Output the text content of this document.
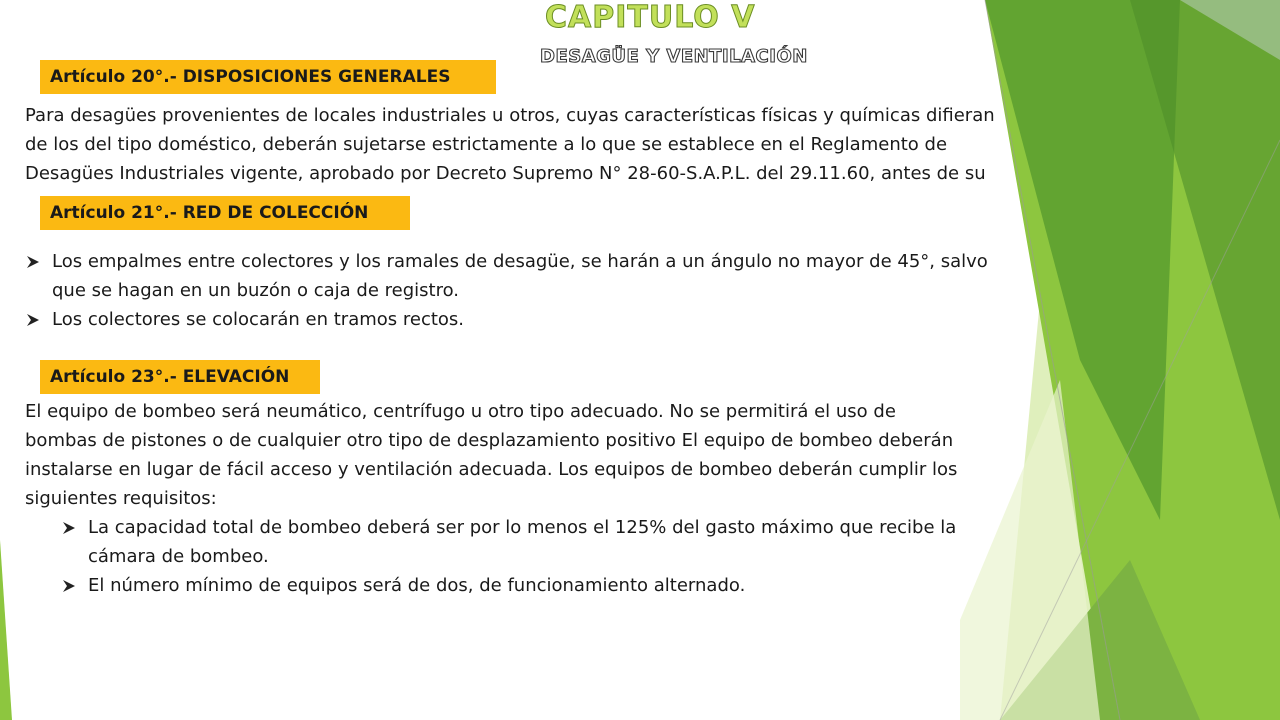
CAPITULO V
DESAGÜE Y VENTILACIÓN
Artículo 20°.- DISPOSICIONES GENERALES
Para desagües provenientes de locales industriales u otros, cuyas características físicas y químicas difieran
de los del tipo doméstico, deberán sujetarse estrictamente a lo que se establece en el Reglamento de
Desagües Industriales vigente, aprobado por Decreto Supremo N° 28-60-S.A.P.L. del 29.11.60, antes de su
Artículo 21°.- RED DE COLECCIÓN
Los empalmes entre colectores y los ramales de desagüe, se harán a un ángulo no mayor de 45°, salvo
que se hagan en un buzón o caja de registro.
Los colectores se colocarán en tramos rectos.
Artículo 23°.- ELEVACIÓN
El equipo de bombeo será neumático, centrífugo u otro tipo adecuado. No se permitirá el uso de
bombas de pistones o de cualquier otro tipo de desplazamiento positivo El equipo de bombeo deberán
instalarse en lugar de fácil acceso y ventilación adecuada. Los equipos de bombeo deberán cumplir los
siguientes requisitos:
La capacidad total de bombeo deberá ser por lo menos el 125% del gasto máximo que recibe la
cámara de bombeo.
El número mínimo de equipos será de dos, de funcionamiento alternado.
